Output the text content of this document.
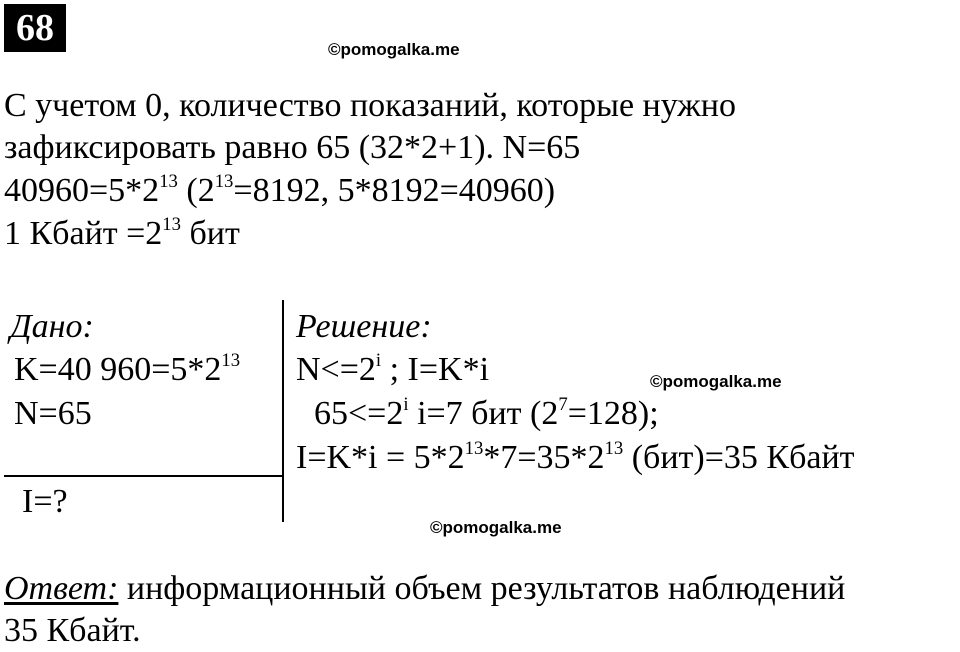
68
©pomogalka.me
С учетом 0, количество показаний, которые нужно
зафиксировать равно 65 (32*2+1). N=65
$40960=5*2^{13}$ ($2^{13}=8192$, 5*8192=40960)
1 Кбайт $=2^{13}$ бит
Дано:
K=40 $960=5*2^{13}$
N=65
I=?
Решение:
$N<=2^i$ ; I=K*i	©pomogalka.me
$65<=2^i$ i=7 бит $(2^7=128)$;
$I=K*i = 5*2^{13}*7=35*2^{13}$ (бит)=35 Кбайт
©pomogalka.me
Ответ: информационный объем результатов наблюдений
35 Кбайт.
